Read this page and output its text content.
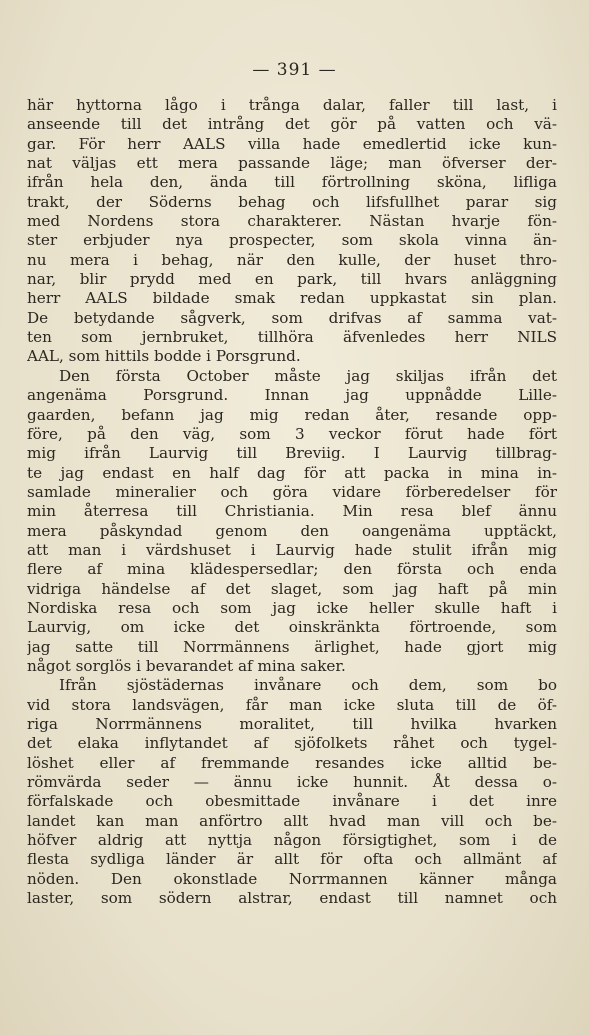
— 391 —
här hyttorna lågo i trånga dalar, faller till last, i
anseende till det intrång det gör på vatten och vä-
gar. För herr AALS villa hade emedlertid icke kun-
nat väljas ett mera passande läge; man öfverser der-
ifrån hela den, ända till förtrollning sköna, lifliga
trakt, der Söderns behag och lifsfullhet parar sig
med Nordens stora charakterer. Nästan hvarje fön-
ster erbjuder nya prospecter, som skola vinna än-
nu mera i behag, när den kulle, der huset thro-
nar, blir prydd med en park, till hvars anläggning
herr AALS bildade smak redan uppkastat sin plan.
De betydande sågverk, som drifvas af samma vat-
ten som jernbruket, tillhöra äfvenledes herr NILS
AAL, som hittils bodde i Porsgrund.
Den första October måste jag skiljas ifrån det
angenäma Porsgrund. Innan jag uppnådde Lille-
gaarden, befann jag mig redan åter, resande opp-
före, på den väg, som 3 veckor förut hade fört
mig ifrån Laurvig till Breviig. I Laurvig tillbrag-
te jag endast en half dag för att packa in mina in-
samlade mineralier och göra vidare förberedelser för
min återresa till Christiania. Min resa blef ännu
mera påskyndad genom den oangenäma upptäckt,
att man i värdshuset i Laurvig hade stulit ifrån mig
flere af mina klädespersedlar; den första och enda
vidriga händelse af det slaget, som jag haft på min
Nordiska resa och som jag icke heller skulle haft i
Laurvig, om icke det oinskränkta förtroende, som
jag satte till Norrmännens ärlighet, hade gjort mig
något sorglös i bevarandet af mina saker.
Ifrån sjöstädernas invånare och dem, som bo
vid stora landsvägen, får man icke sluta till de öf-
riga Norrmännens moralitet, till hvilka hvarken
det elaka inflytandet af sjöfolkets råhet och tygel-
löshet eller af fremmande resandes icke alltid be-
römvärda seder — ännu icke hunnit. Åt dessa o-
förfalskade och obesmittade invånare i det inre
landet kan man anförtro allt hvad man vill och be-
höfver aldrig att nyttja någon försigtighet, som i de
flesta sydliga länder är allt för ofta och allmänt af
nöden. Den okonstlade Norrmannen känner många
laster, som södern alstrar, endast till namnet och
